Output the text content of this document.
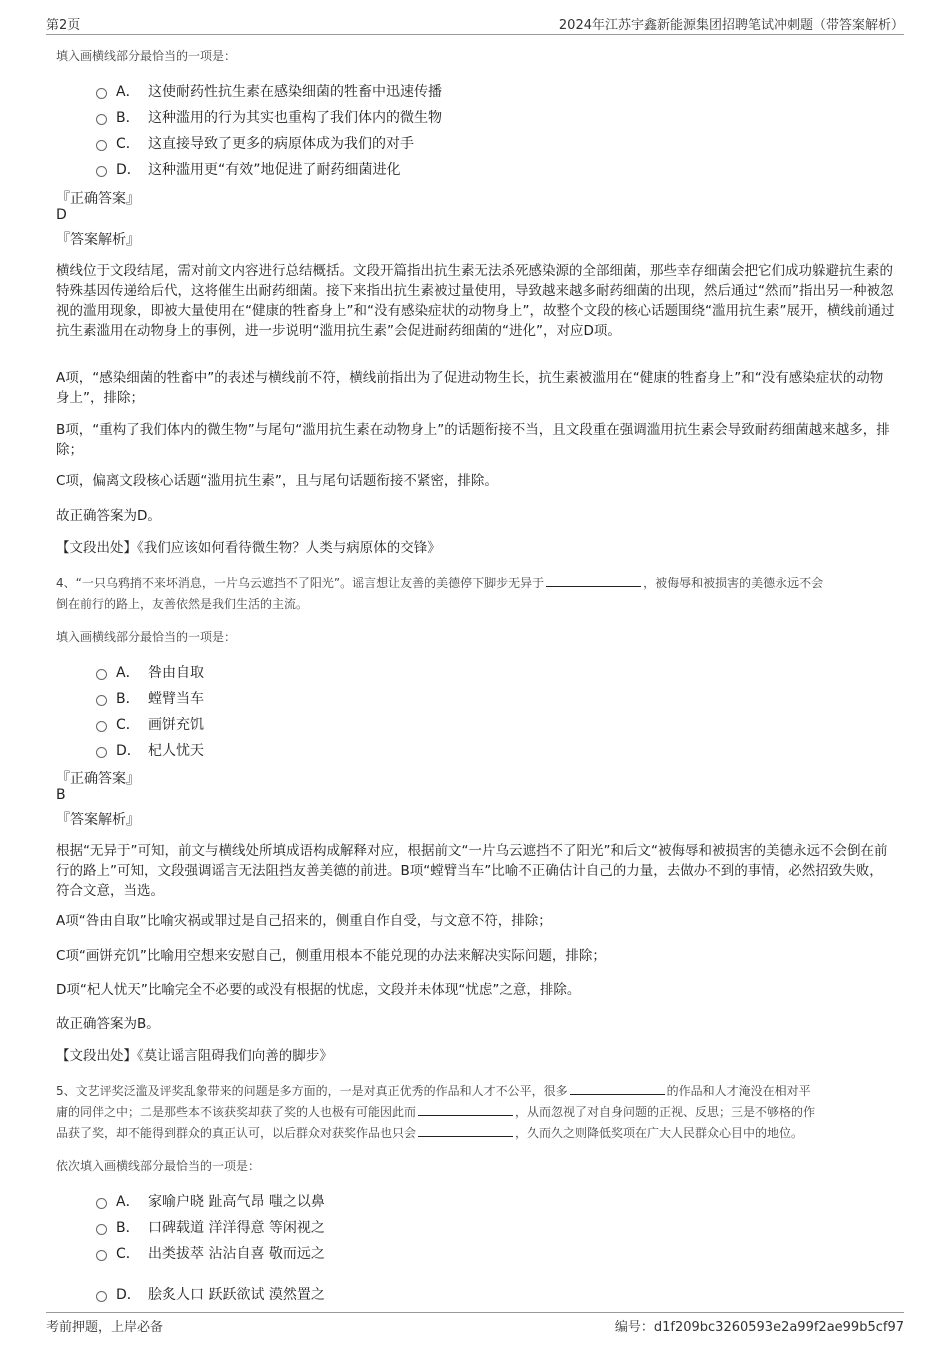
第2页	2024年江苏宇鑫新能源集团招聘笔试冲刺题（带答案解析）
填入画横线部分最恰当的一项是：
A． 这使耐药性抗生素在感染细菌的牲畜中迅速传播
B． 这种滥用的行为其实也重构了我们体内的微生物
C． 这直接导致了更多的病原体成为我们的对手
D． 这种滥用更“有效”地促进了耐药细菌进化
『正确答案』
D
『答案解析』
横线位于文段结尾，需对前文内容进行总结概括。文段开篇指出抗生素无法杀死感染源的全部细菌，那些幸存细菌会把它们成功躲避抗生素的特殊基因传递给后代，这将催生出耐药细菌。接下来指出抗生素被过量使用，导致越来越多耐药细菌的出现，然后通过“然而”指出另一种被忽视的滥用现象，即被大量使用在“健康的牲畜身上”和“没有感染症状的动物身上”，故整个文段的核心话题围绕“滥用抗生素”展开，横线前通过抗生素滥用在动物身上的事例，进一步说明“滥用抗生素”会促进耐药细菌的“进化”，对应D项。
A项，“感染细菌的牲畜中”的表述与横线前不符，横线前指出为了促进动物生长，抗生素被滥用在“健康的牲畜身上”和“没有感染症状的动物身上”，排除；
B项，“重构了我们体内的微生物”与尾句“滥用抗生素在动物身上”的话题衔接不当，且文段重在强调滥用抗生素会导致耐药细菌越来越多，排除；
C项，偏离文段核心话题“滥用抗生素”，且与尾句话题衔接不紧密，排除。
故正确答案为D。
【文段出处】《我们应该如何看待微生物？人类与病原体的交锋》
4、“一只乌鸦捎不来坏消息，一片乌云遮挡不了阳光”。谣言想让友善的美德停下脚步无异于	，被侮辱和被损害的美德永远不会
倒在前行的路上，友善依然是我们生活的主流。
填入画横线部分最恰当的一项是：
A． 咎由自取
B． 螳臂当车
C． 画饼充饥
D． 杞人忧天
『正确答案』
B
『答案解析』
根据“无异于”可知，前文与横线处所填成语构成解释对应，根据前文“一片乌云遮挡不了阳光”和后文“被侮辱和被损害的美德永远不会倒在前行的路上”可知，文段强调谣言无法阻挡友善美德的前进。B项“螳臂当车”比喻不正确估计自己的力量，去做办不到的事情，必然招致失败，符合文意，当选。
A项“咎由自取”比喻灾祸或罪过是自己招来的，侧重自作自受，与文意不符，排除；
C项“画饼充饥”比喻用空想来安慰自己，侧重用根本不能兑现的办法来解决实际问题，排除；
D项“杞人忧天”比喻完全不必要的或没有根据的忧虑，文段并未体现“忧虑”之意，排除。
故正确答案为B。
【文段出处】《莫让谣言阻碍我们向善的脚步》
5、文艺评奖泛滥及评奖乱象带来的问题是多方面的，一是对真正优秀的作品和人才不公平，很多	的作品和人才淹没在相对平
庸的同伴之中；二是那些本不该获奖却获了奖的人也极有可能因此而	，从而忽视了对自身问题的正视、反思；三是不够格的作
品获了奖，却不能得到群众的真正认可，以后群众对获奖作品也只会	，久而久之则降低奖项在广大人民群众心目中的地位。
依次填入画横线部分最恰当的一项是：
A． 家喻户晓 趾高气昂 嗤之以鼻
B． 口碑载道 洋洋得意 等闲视之
C． 出类拔萃 沾沾自喜 敬而远之
D． 脍炙人口 跃跃欲试 漠然置之
考前押题，上岸必备	编号：d1f209bc3260593e2a99f2ae99b5cf97
